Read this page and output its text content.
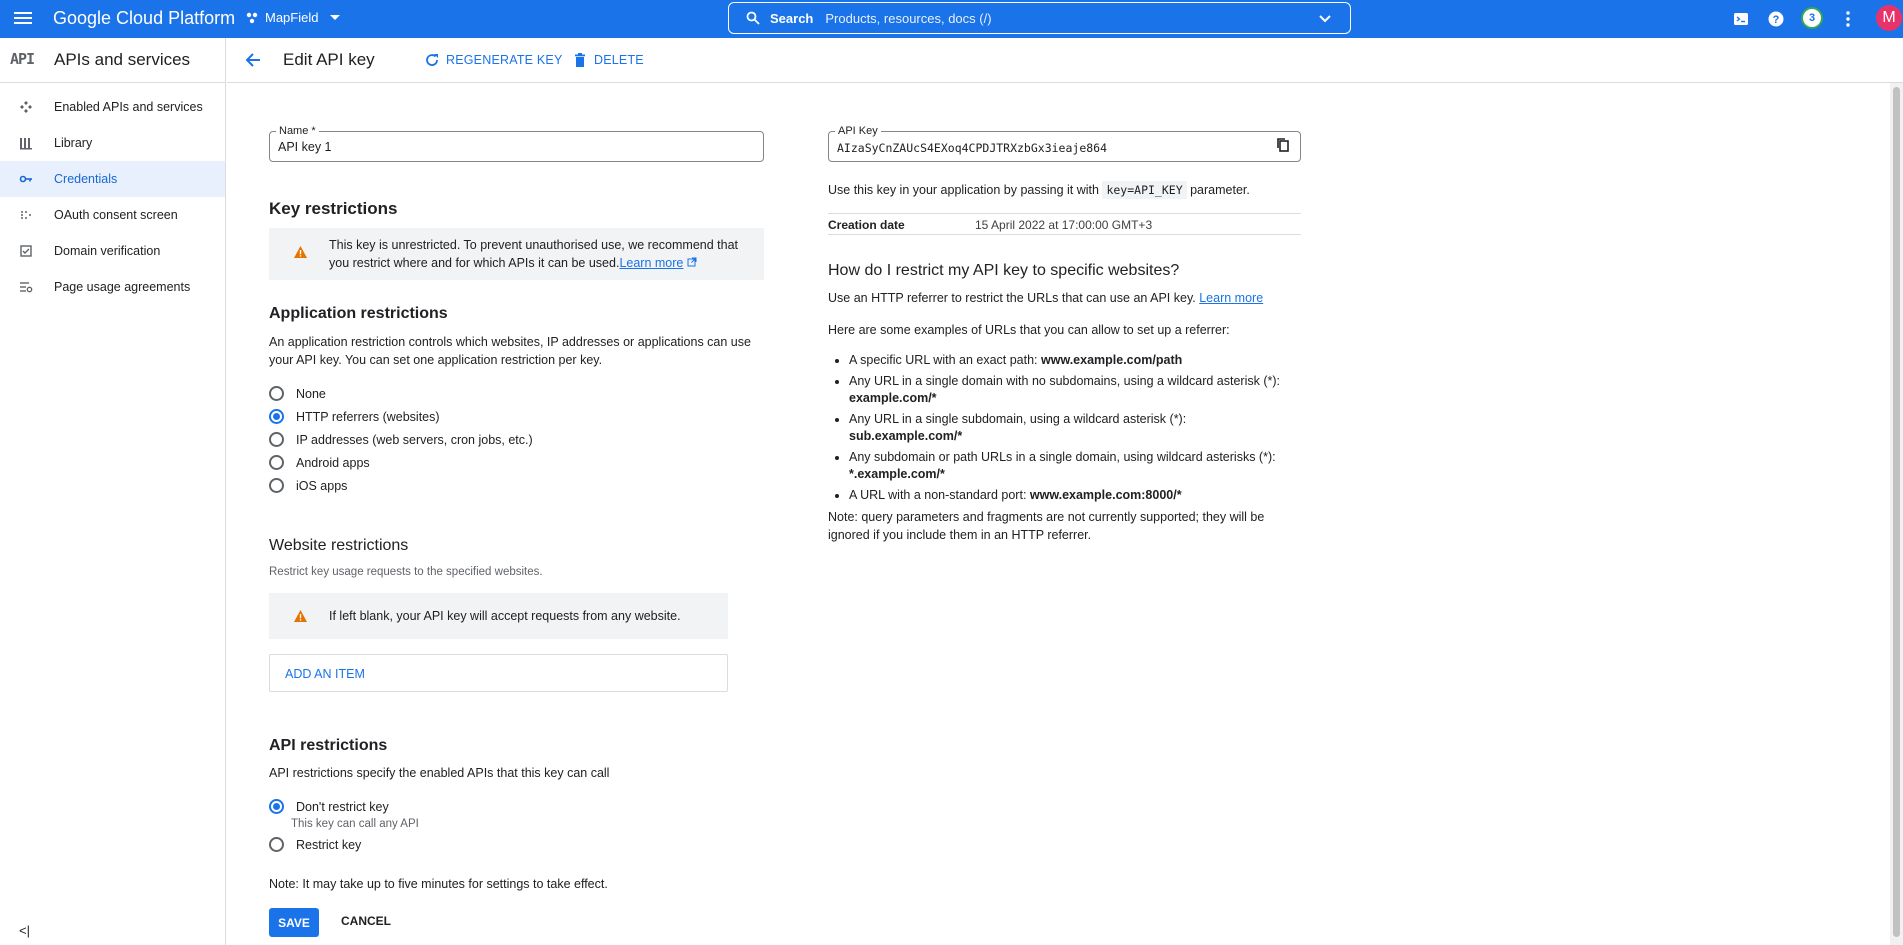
Google Cloud Platform MapField	Search Products, resources, docs (/)	?	3	M
API APIs and services
Enabled APIs and services
Library
Credentials
OAuth consent screen
Domain verification
Page usage agreements
<|
Edit API key	REGENERATE KEY	DELETE
Name *
API key 1
Key restrictions
This key is unrestricted. To prevent unauthorised use, we recommend that you restrict where and for which APIs it can be used.Learn more
Application restrictions
An application restriction controls which websites, IP addresses or applications can use your API key. You can set one application restriction per key.
None
HTTP referrers (websites)
IP addresses (web servers, cron jobs, etc.)
Android apps
iOS apps
Website restrictions
Restrict key usage requests to the specified websites.
If left blank, your API key will accept requests from any website.
ADD AN ITEM
API restrictions
API restrictions specify the enabled APIs that this key can call
Don't restrict key
This key can call any API
Restrict key
Note: It may take up to five minutes for settings to take effect.
SAVE	CANCEL
API Key
AIzaSyCnZAUcS4EXoq4CPDJTRXzbGx3ieaje864
Use this key in your application by passing it with key=API_KEY parameter.
Creation date	15 April 2022 at 17:00:00 GMT+3
How do I restrict my API key to specific websites?
Use an HTTP referrer to restrict the URLs that can use an API key. Learn more
Here are some examples of URLs that you can allow to set up a referrer:
• A specific URL with an exact path: www.example.com/path
• Any URL in a single domain with no subdomains, using a wildcard asterisk (*): example.com/*
• Any URL in a single subdomain, using a wildcard asterisk (*): sub.example.com/*
• Any subdomain or path URLs in a single domain, using wildcard asterisks (*): *.example.com/*
• A URL with a non-standard port: www.example.com:8000/*
Note: query parameters and fragments are not currently supported; they will be ignored if you include them in an HTTP referrer.
